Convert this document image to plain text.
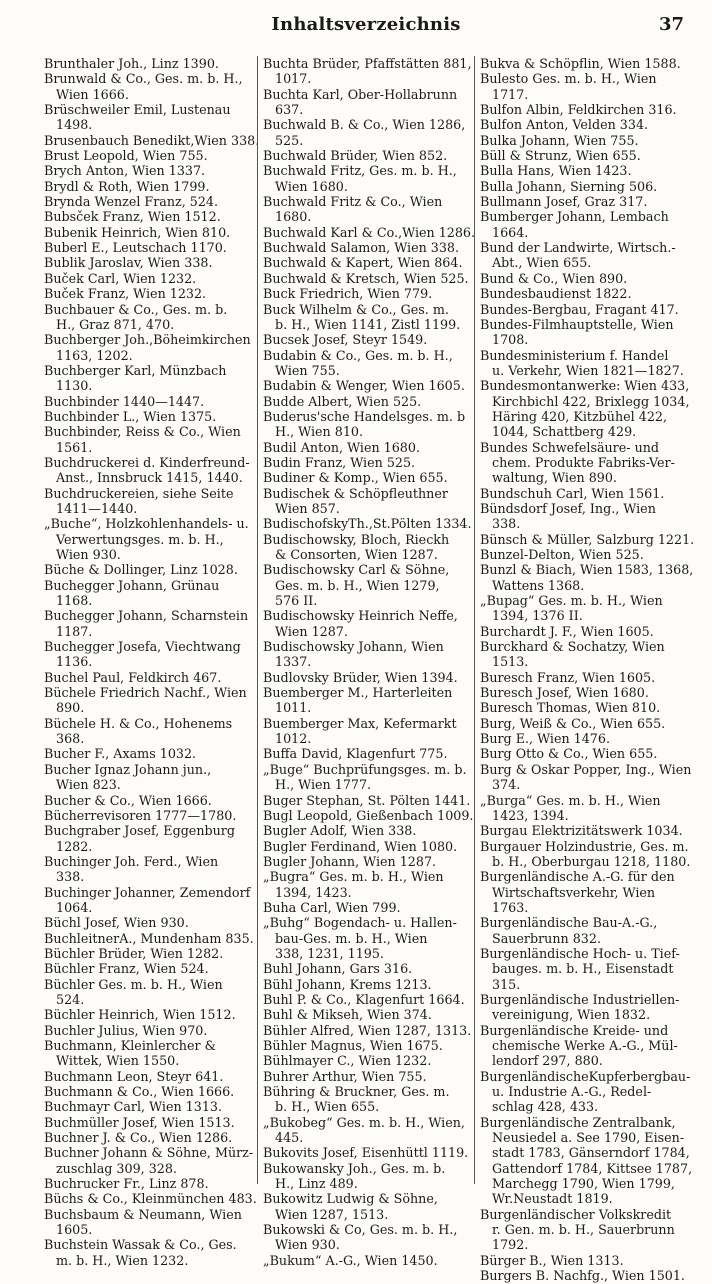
Inhaltsverzeichnis	37
Brunthaler Joh., Linz 1390.
Brunwald & Co., Ges. m. b. H.,
Wien 1666.
Brüschweiler Emil, Lustenau
1498.
Brusenbauch Benedikt,Wien 338.
Brust Leopold, Wien 755.
Brych Anton, Wien 1337.
Brydl & Roth, Wien 1799.
Brynda Wenzel Franz, 524.
Bubsček Franz, Wien 1512.
Bubenik Heinrich, Wien 810.
Buberl E., Leutschach 1170.
Bublik Jaroslav, Wien 338.
Buček Carl, Wien 1232.
Buček Franz, Wien 1232.
Buchbauer & Co., Ges. m. b.
H., Graz 871, 470.
Buchberger Joh.,Böheimkirchen
1163, 1202.
Buchberger Karl, Münzbach
1130.
Buchbinder 1440—1447.
Buchbinder L., Wien 1375.
Buchbinder, Reiss & Co., Wien
1561.
Buchdruckerei d. Kinderfreund-
Anst., Innsbruck 1415, 1440.
Buchdruckereien, siehe Seite
1411—1440.
„Buche“, Holzkohlenhandels- u.
Verwertungsges. m. b. H.,
Wien 930.
Büche & Dollinger, Linz 1028.
Buchegger Johann, Grünau
1168.
Buchegger Johann, Scharnstein
1187.
Buchegger Josefa, Viechtwang
1136.
Buchel Paul, Feldkirch 467.
Büchele Friedrich Nachf., Wien
890.
Büchele H. & Co., Hohenems
368.
Bucher F., Axams 1032.
Bucher Ignaz Johann jun.,
Wien 823.
Bucher & Co., Wien 1666.
Bücherrevisoren 1777—1780.
Buchgraber Josef, Eggenburg
1282.
Buchinger Joh. Ferd., Wien
338.
Buchinger Johanner, Zemendorf
1064.
Büchl Josef, Wien 930.
BuchleitnerA., Mundenham 835.
Büchler Brüder, Wien 1282.
Büchler Franz, Wien 524.
Büchler Ges. m. b. H., Wien
524.
Büchler Heinrich, Wien 1512.
Buchler Julius, Wien 970.
Buchmann, Kleinlercher &
Wittek, Wien 1550.
Buchmann Leon, Steyr 641.
Buchmann & Co., Wien 1666.
Buchmayr Carl, Wien 1313.
Buchmüller Josef, Wien 1513.
Buchner J. & Co., Wien 1286.
Buchner Johann & Söhne, Mürz-
zuschlag 309, 328.
Buchrucker Fr., Linz 878.
Büchs & Co., Kleinmünchen 483.
Buchsbaum & Neumann, Wien
1605.
Buchstein Wassak & Co., Ges.
m. b. H., Wien 1232.
Buchta Brüder, Pfaffstätten 881,
1017.
Buchta Karl, Ober-Hollabrunn
637.
Buchwald B. & Co., Wien 1286,
525.
Buchwald Brüder, Wien 852.
Buchwald Fritz, Ges. m. b. H.,
Wien 1680.
Buchwald Fritz & Co., Wien
1680.
Buchwald Karl & Co.,Wien 1286.
Buchwald Salamon, Wien 338.
Buchwald & Kapert, Wien 864.
Buchwald & Kretsch, Wien 525.
Buck Friedrich, Wien 779.
Buck Wilhelm & Co., Ges. m.
b. H., Wien 1141, Zistl 1199.
Bucsek Josef, Steyr 1549.
Budabin & Co., Ges. m. b. H.,
Wien 755.
Budabin & Wenger, Wien 1605.
Budde Albert, Wien 525.
Buderus'sche Handelsges. m. b
H., Wien 810.
Budil Anton, Wien 1680.
Budin Franz, Wien 525.
Budiner & Komp., Wien 655.
Budischek & Schöpfleuthner
Wien 857.
BudischofskyTh.,St.Pölten 1334.
Budischowsky, Bloch, Rieckh
& Consorten, Wien 1287.
Budischowsky Carl & Söhne,
Ges. m. b. H., Wien 1279,
576 II.
Budischowsky Heinrich Neffe,
Wien 1287.
Budischowsky Johann, Wien
1337.
Budlovsky Brüder, Wien 1394.
Buemberger M., Harterleiten
1011.
Buemberger Max, Kefermarkt
1012.
Buffa David, Klagenfurt 775.
„Buge“ Buchprüfungsges. m. b.
H., Wien 1777.
Buger Stephan, St. Pölten 1441.
Bugl Leopold, Gießenbach 1009.
Bugler Adolf, Wien 338.
Bugler Ferdinand, Wien 1080.
Bugler Johann, Wien 1287.
„Bugra“ Ges. m. b. H., Wien
1394, 1423.
Buha Carl, Wien 799.
„Buhg“ Bogendach- u. Hallen-
bau-Ges. m. b. H., Wien
338, 1231, 1195.
Buhl Johann, Gars 316.
Bühl Johann, Krems 1213.
Buhl P. & Co., Klagenfurt 1664.
Buhl & Mikseh, Wien 374.
Bühler Alfred, Wien 1287, 1313.
Bühler Magnus, Wien 1675.
Bühlmayer C., Wien 1232.
Buhrer Arthur, Wien 755.
Bühring & Bruckner, Ges. m.
b. H., Wien 655.
„Bukobeg“ Ges. m. b. H., Wien,
445.
Bukovits Josef, Eisenhüttl 1119.
Bukowansky Joh., Ges. m. b.
H., Linz 489.
Bukowitz Ludwig & Söhne,
Wien 1287, 1513.
Bukowski & Co, Ges. m. b. H.,
Wien 930.
„Bukum“ A.-G., Wien 1450.
Bukva & Schöpflin, Wien 1588.
Bulesto Ges. m. b. H., Wien
1717.
Bulfon Albin, Feldkirchen 316.
Bulfon Anton, Velden 334.
Bulka Johann, Wien 755.
Büll & Strunz, Wien 655.
Bulla Hans, Wien 1423.
Bulla Johann, Sierning 506.
Bullmann Josef, Graz 317.
Bumberger Johann, Lembach
1664.
Bund der Landwirte, Wirtsch.-
Abt., Wien 655.
Bund & Co., Wien 890.
Bundesbaudienst 1822.
Bundes-Bergbau, Fragant 417.
Bundes-Filmhauptstelle, Wien
1708.
Bundesministerium f. Handel
u. Verkehr, Wien 1821—1827.
Bundesmontanwerke: Wien 433,
Kirchbichl 422, Brixlegg 1034,
Häring 420, Kitzbühel 422,
1044, Schattberg 429.
Bundes Schwefelsäure- und
chem. Produkte Fabriks-Ver-
waltung, Wien 890.
Bundschuh Carl, Wien 1561.
Bündsdorf Josef, Ing., Wien
338.
Bünsch & Müller, Salzburg 1221.
Bunzel-Delton, Wien 525.
Bunzl & Biach, Wien 1583, 1368,
Wattens 1368.
„Bupag“ Ges. m. b. H., Wien
1394, 1376 II.
Burchardt J. F., Wien 1605.
Burckhard & Sochatzy, Wien
1513.
Buresch Franz, Wien 1605.
Buresch Josef, Wien 1680.
Buresch Thomas, Wien 810.
Burg, Weiß & Co., Wien 655.
Burg E., Wien 1476.
Burg Otto & Co., Wien 655.
Burg & Oskar Popper, Ing., Wien
374.
„Burga“ Ges. m. b. H., Wien
1423, 1394.
Burgau Elektrizitätswerk 1034.
Burgauer Holzindustrie, Ges. m.
b. H., Oberburgau 1218, 1180.
Burgenländische A.-G. für den
Wirtschaftsverkehr, Wien
1763.
Burgenländische Bau-A.-G.,
Sauerbrunn 832.
Burgenländische Hoch- u. Tief-
bauges. m. b. H., Eisenstadt
315.
Burgenländische Industriellen-
vereinigung, Wien 1832.
Burgenländische Kreide- und
chemische Werke A.-G., Mül-
lendorf 297, 880.
BurgenländischeKupferbergbau-
u. Industrie A.-G., Redel-
schlag 428, 433.
Burgenländische Zentralbank,
Neusiedel a. See 1790, Eisen-
stadt 1783, Gänserndorf 1784,
Gattendorf 1784, Kittsee 1787,
Marchegg 1790, Wien 1799,
Wr.Neustadt 1819.
Burgenländischer Volkskredit
r. Gen. m. b. H., Sauerbrunn
1792.
Bürger B., Wien 1313.
Burgers B. Nachfg., Wien 1501.
